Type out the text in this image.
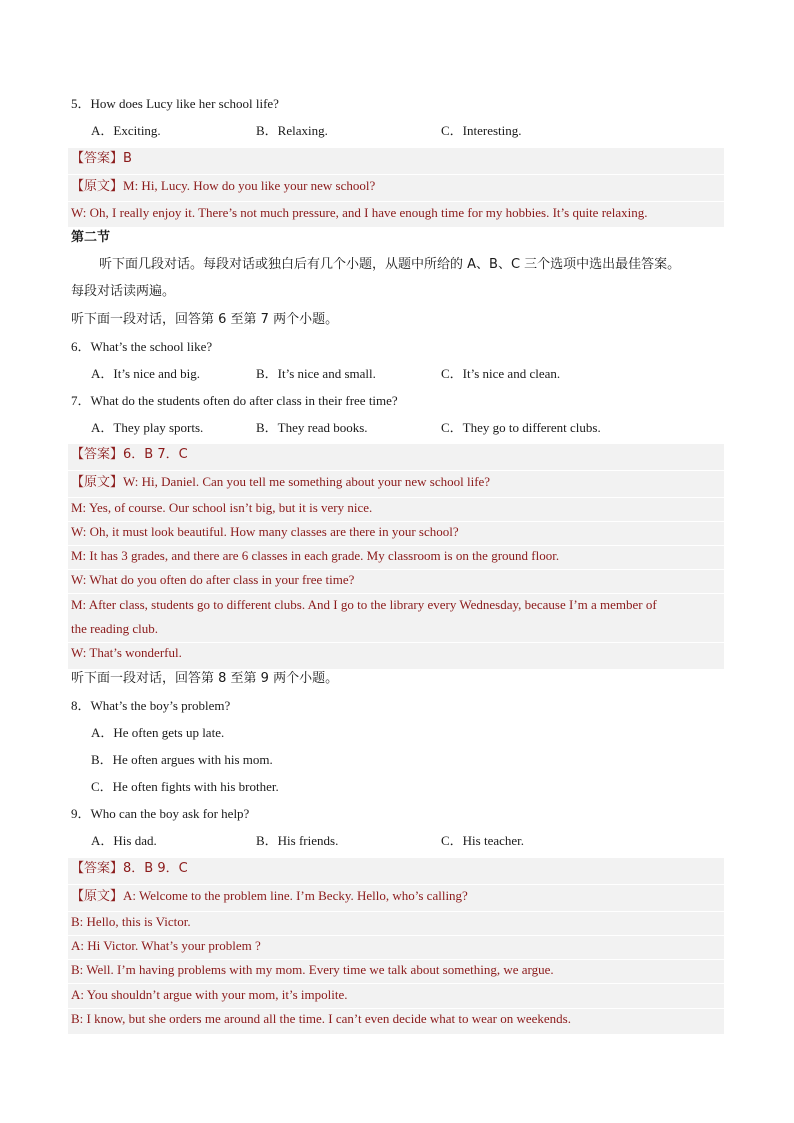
5．How does Lucy like her school life?
A．Exciting.	B．Relaxing.	C．Interesting.
【答案】B
【原文】M: Hi, Lucy. How do you like your new school?
W: Oh, I really enjoy it. There’s not much pressure, and I have enough time for my hobbies. It’s quite relaxing.
第二节
听下面几段对话。每段对话或独白后有几个小题，从题中所给的 A、B、C 三个选项中选出最佳答案。
每段对话读两遍。
听下面一段对话，回答第 6 至第 7 两个小题。
6．What’s the school like?
A．It’s nice and big.	B．It’s nice and small.	C．It’s nice and clean.
7．What do the students often do after class in their free time?
A．They play sports.	B．They read books.	C．They go to different clubs.
【答案】6．B 7．C
【原文】W: Hi, Daniel. Can you tell me something about your new school life?
M: Yes, of course. Our school isn’t big, but it is very nice.
W: Oh, it must look beautiful. How many classes are there in your school?
M: It has 3 grades, and there are 6 classes in each grade. My classroom is on the ground floor.
W: What do you often do after class in your free time?
M: After class, students go to different clubs. And I go to the library every Wednesday, because I’m a member of
the reading club.
W: That’s wonderful.
听下面一段对话，回答第 8 至第 9 两个小题。
8．What’s the boy’s problem?
A．He often gets up late.
B．He often argues with his mom.
C．He often fights with his brother.
9．Who can the boy ask for help?
A．His dad.	B．His friends.	C．His teacher.
【答案】8．B 9．C
【原文】A: Welcome to the problem line. I’m Becky. Hello, who’s calling?
B: Hello, this is Victor.
A: Hi Victor. What’s your problem ?
B: Well. I’m having problems with my mom. Every time we talk about something, we argue.
A: You shouldn’t argue with your mom, it’s impolite.
B: I know, but she orders me around all the time. I can’t even decide what to wear on weekends.
